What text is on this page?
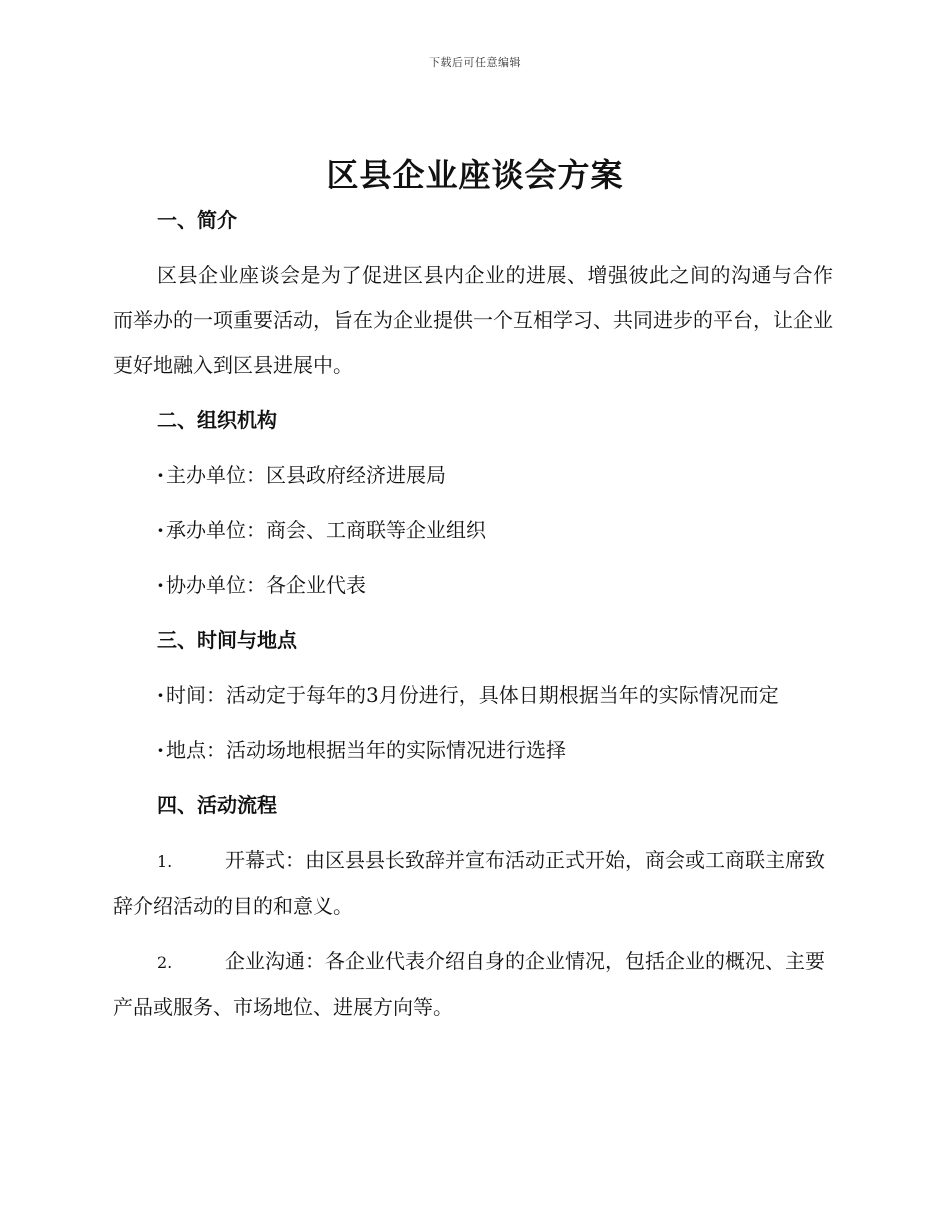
下载后可任意编辑
区县企业座谈会方案
一、简介
区县企业座谈会是为了促进区县内企业的进展、增强彼此之间的沟通与合作而举办的一项重要活动，旨在为企业提供一个互相学习、共同进步的平台，让企业更好地融入到区县进展中。
二、组织机构
· 主办单位：区县政府经济进展局
· 承办单位：商会、工商联等企业组织
· 协办单位：各企业代表
三、时间与地点
· 时间：活动定于每年的3月份进行，具体日期根据当年的实际情况而定
· 地点：活动场地根据当年的实际情况进行选择
四、活动流程
1.	开幕式：由区县县长致辞并宣布活动正式开始，商会或工商联主席致辞介绍活动的目的和意义。
2.	企业沟通：各企业代表介绍自身的企业情况，包括企业的概况、主要产品或服务、市场地位、进展方向等。
